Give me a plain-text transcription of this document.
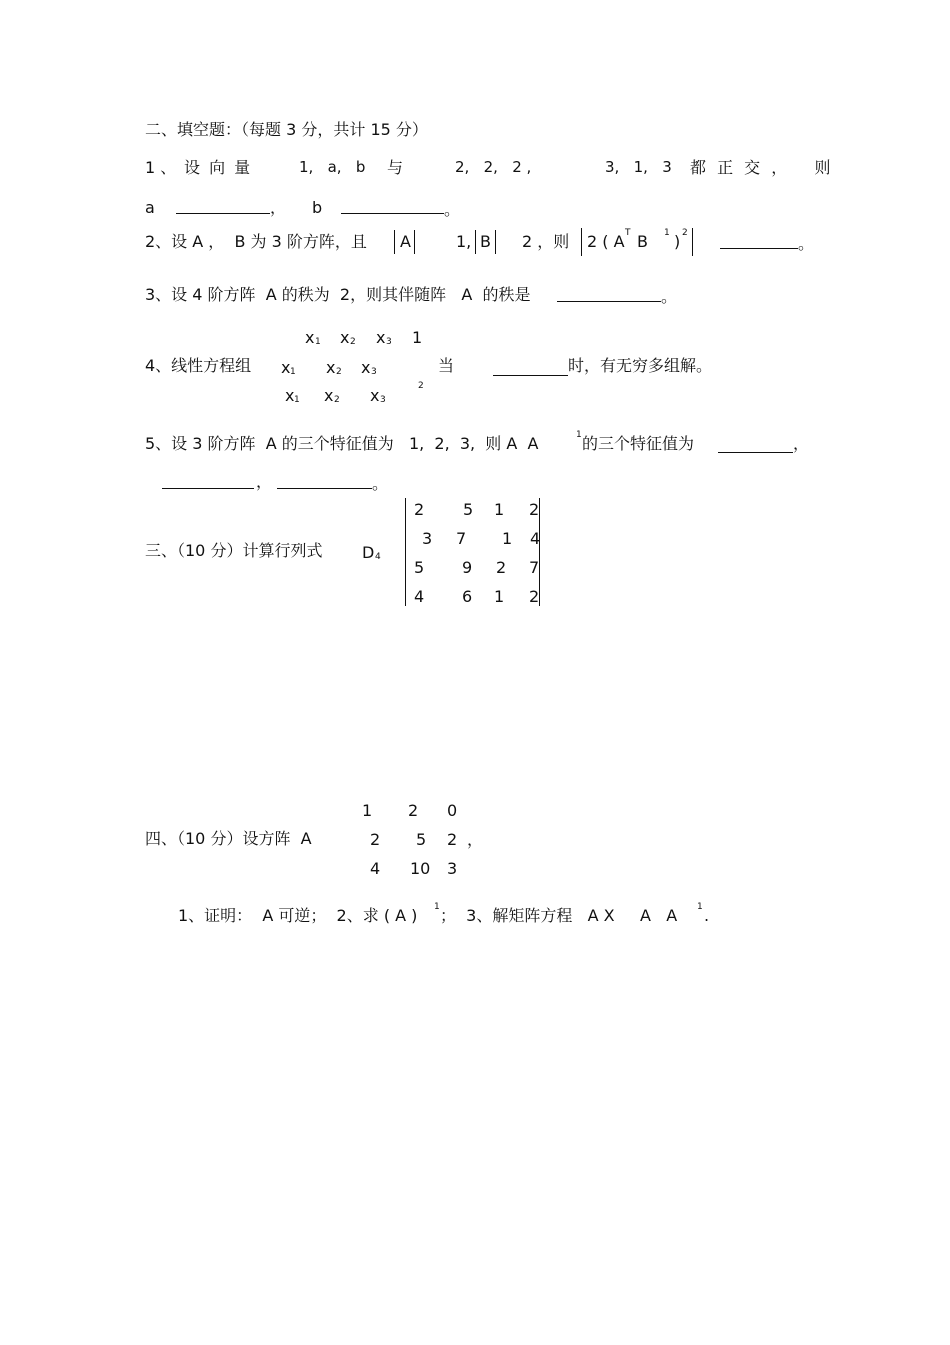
二、填空题：（每题 3 分，共计 15 分）
1 、 设 向 量	1,   a,   b 与	2,   2,   2 ,	3,   1,   3 都 正 交 ，   则
a	， b	。
2、设 A ，  B 为 3 阶方阵，且 A	1, B 2 ，则 2 ( A T B 1 ) 2
。
3、设 4 阶方阵  A 的秩为  2，则其伴随阵   A  的秩是	。
x 1 x 2 x 3 1
4、线性方程组 x 1 x 2 x 3	当	时，有无穷多组解。
x 1 x 2 x 3
2
5、设 3 阶方阵  A 的三个特征值为   1,  2,  3,  则 A  A	1 的三个特征值为	，
，	。
三、（10 分）计算行列式 D 4
2 5 1 2
3 7 1 4
5 9 2 7
4 6 1 2
1 2 0
四、（10 分）设方阵  A	2 5 2 ，
4 10 3
1、证明：  A 可逆；  2、求 ( A ) 1 ；  3、解矩阵方程   A X     A   A 1 .
